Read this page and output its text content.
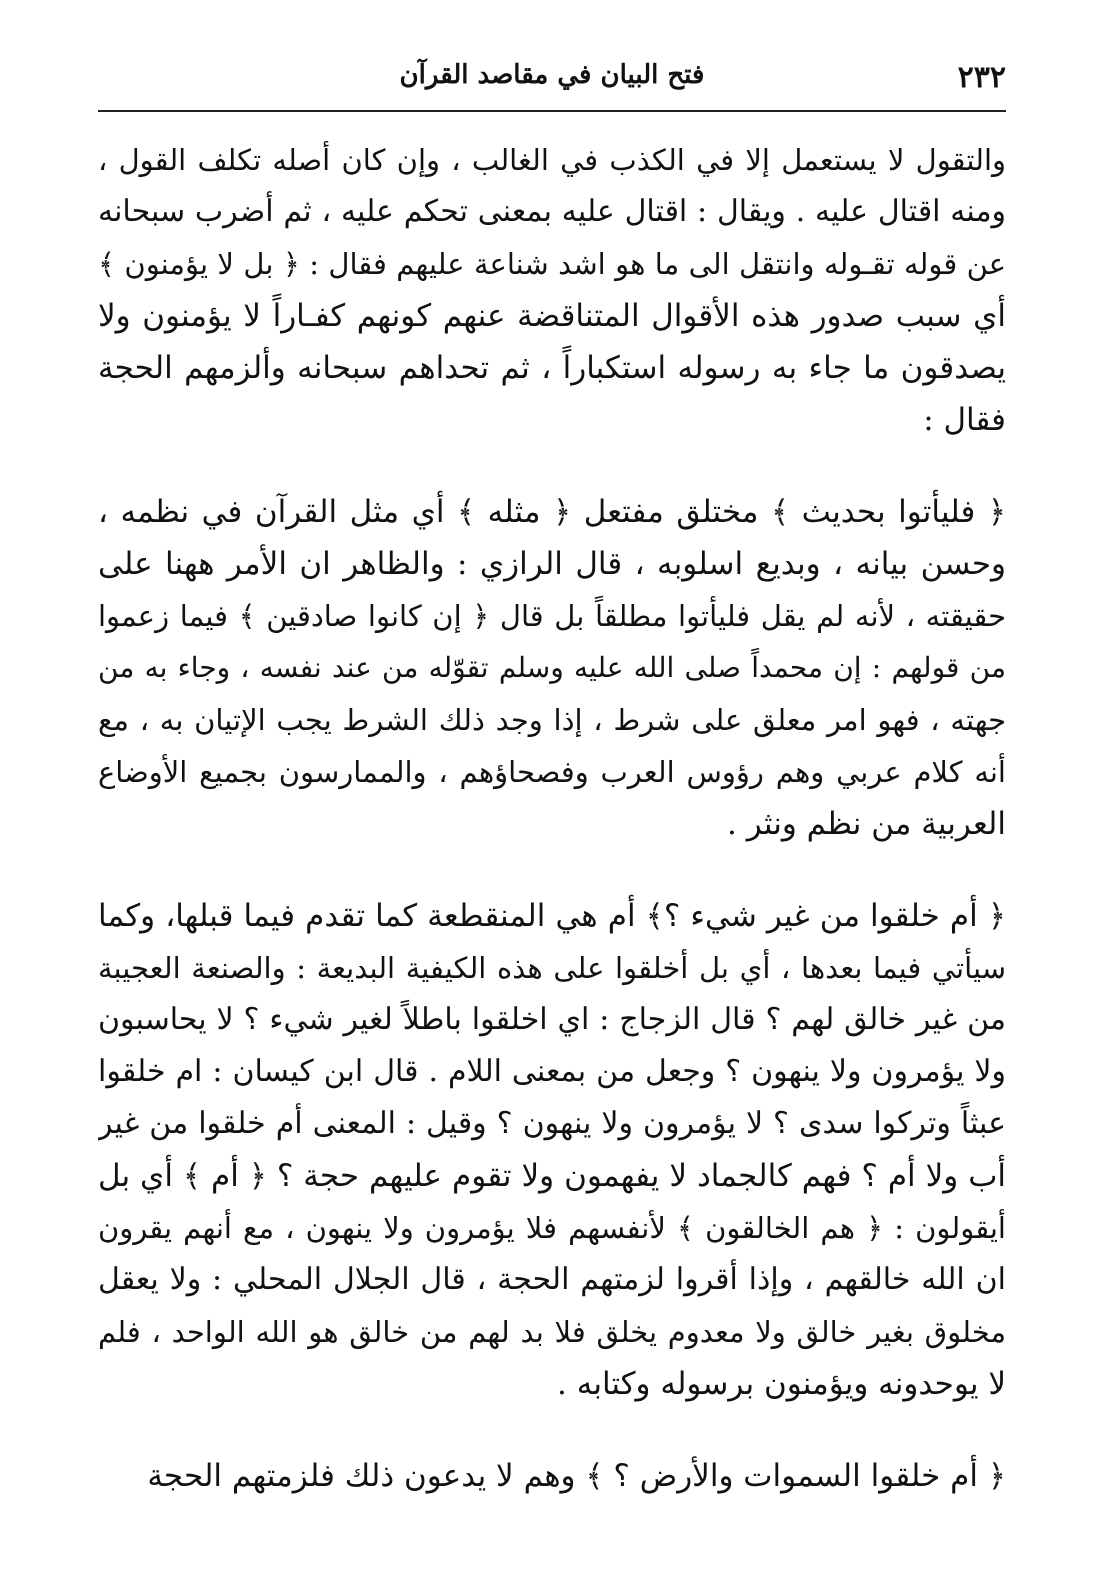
٢٣٢
فتح البيان في مقاصد القرآن
والتقول لا يستعمل إلا في الكذب في الغالب ، وإن كان أصله تكلف القول ،
ومنه اقتال عليه . ويقال : اقتال عليه بمعنى تحكم عليه ، ثم أضرب سبحانه
عن قوله تقـوله وانتقل الى ما هو اشد شناعة عليهم فقال : ﴿ بل لا يؤمنون ﴾
أي سبب صدور هذه الأقوال المتناقضة عنهم كونهم كفـاراً لا يؤمنون ولا
يصدقون ما جاء به رسوله استكباراً ، ثم تحداهم سبحانه وألزمهم الحجة
فقال :
﴿ فليأتوا بحديث ﴾ مختلق مفتعل ﴿ مثله ﴾ أي مثل القرآن في نظمه ،
وحسن بيانه ، وبديع اسلوبه ، قال الرازي : والظاهر ان الأمر ههنا على
حقيقته ، لأنه لم يقل فليأتوا مطلقاً بل قال ﴿ إن كانوا صادقين ﴾ فيما زعموا
من قولهم : إن محمداً صلى الله عليه وسلم تقوّله من عند نفسه ، وجاء به من
جهته ، فهو امر معلق على شرط ، إذا وجد ذلك الشرط يجب الإتيان به ، مع
أنه كلام عربي وهم رؤوس العرب وفصحاؤهم ، والممارسون بجميع الأوضاع
العربية من نظم ونثر .
﴿ أم خلقوا من غير شيء ؟﴾ أم هي المنقطعة كما تقدم فيما قبلها، وكما
سيأتي فيما بعدها ، أي بل أخلقوا على هذه الكيفية البديعة : والصنعة العجيبة
من غير خالق لهم ؟ قال الزجاج : اي اخلقوا باطلاً لغير شيء ؟ لا يحاسبون
ولا يؤمرون ولا ينهون ؟ وجعل من بمعنى اللام . قال ابن كيسان : ام خلقوا
عبثاً وتركوا سدى ؟ لا يؤمرون ولا ينهون ؟ وقيل : المعنى أم خلقوا من غير
أب ولا أم ؟ فهم كالجماد لا يفهمون ولا تقوم عليهم حجة ؟ ﴿ أم ﴾ أي بل
أيقولون : ﴿ هم الخالقون ﴾ لأنفسهم فلا يؤمرون ولا ينهون ، مع أنهم يقرون
ان الله خالقهم ، وإذا أقروا لزمتهم الحجة ، قال الجلال المحلي : ولا يعقل
مخلوق بغير خالق ولا معدوم يخلق فلا بد لهم من خالق هو الله الواحد ، فلم
لا يوحدونه ويؤمنون برسوله وكتابه .
﴿ أم خلقوا السموات والأرض ؟ ﴾ وهم لا يدعون ذلك فلزمتهم الحجة
